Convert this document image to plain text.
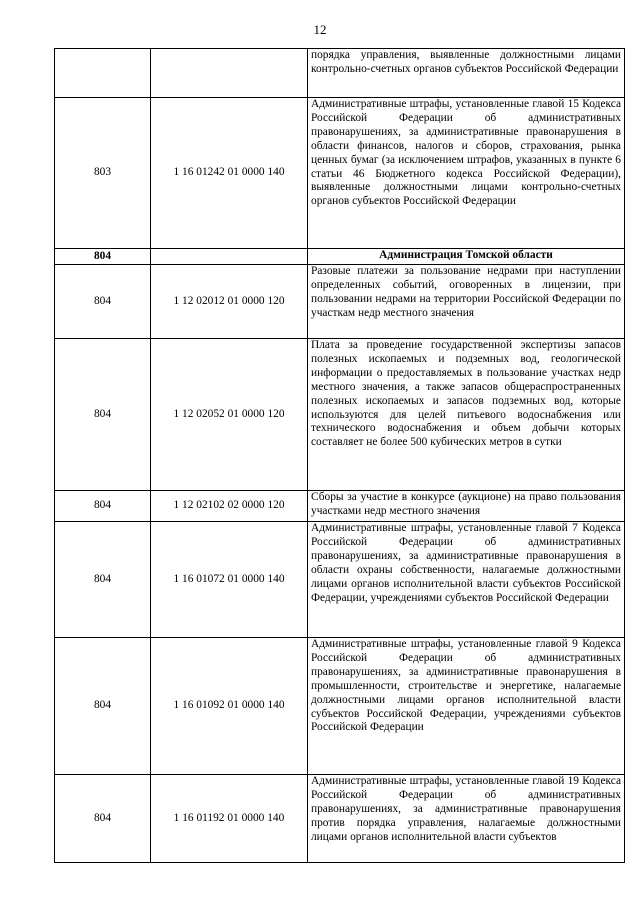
12
		порядка управления, выявленные должностными лицами контрольно-счетных органов субъектов Российской Федерации
803	1 16 01242 01 0000 140	Административные штрафы, установленные главой 15 Кодекса Российской Федерации об административных правонарушениях, за административные правонарушения в области финансов, налогов и сборов, страхования, рынка ценных бумаг (за исключением штрафов, указанных в пункте 6 статьи 46 Бюджетного кодекса Российской Федерации), выявленные должностными лицами контрольно-счетных органов субъектов Российской Федерации
804		Администрация Томской области
804	1 12 02012 01 0000 120	Разовые платежи за пользование недрами при наступлении определенных событий, оговоренных в лицензии, при пользовании недрами на территории Российской Федерации по участкам недр местного значения
804	1 12 02052 01 0000 120	Плата за проведение государственной экспертизы запасов полезных ископаемых и подземных вод, геологической информации о предоставляемых в пользование участках недр местного значения, а также запасов общераспространенных полезных ископаемых и запасов подземных вод, которые используются для целей питьевого водоснабжения или технического водоснабжения и объем добычи которых составляет не более 500 кубических метров в сутки
804	1 12 02102 02 0000 120	Сборы за участие в конкурсе (аукционе) на право пользования участками недр местного значения
804	1 16 01072 01 0000 140	Административные штрафы, установленные главой 7 Кодекса Российской Федерации об административных правонарушениях, за административные правонарушения в области охраны собственности, налагаемые должностными лицами органов исполнительной власти субъектов Российской Федерации, учреждениями субъектов Российской Федерации
804	1 16 01092 01 0000 140	Административные штрафы, установленные главой 9 Кодекса Российской Федерации об административных правонарушениях, за административные правонарушения в промышленности, строительстве и энергетике, налагаемые должностными лицами органов исполнительной власти субъектов Российской Федерации, учреждениями субъектов Российской Федерации
804	1 16 01192 01 0000 140	Административные штрафы, установленные главой 19 Кодекса Российской Федерации об административных правонарушениях, за административные правонарушения против порядка управления, налагаемые должностными лицами органов исполнительной власти субъектов
